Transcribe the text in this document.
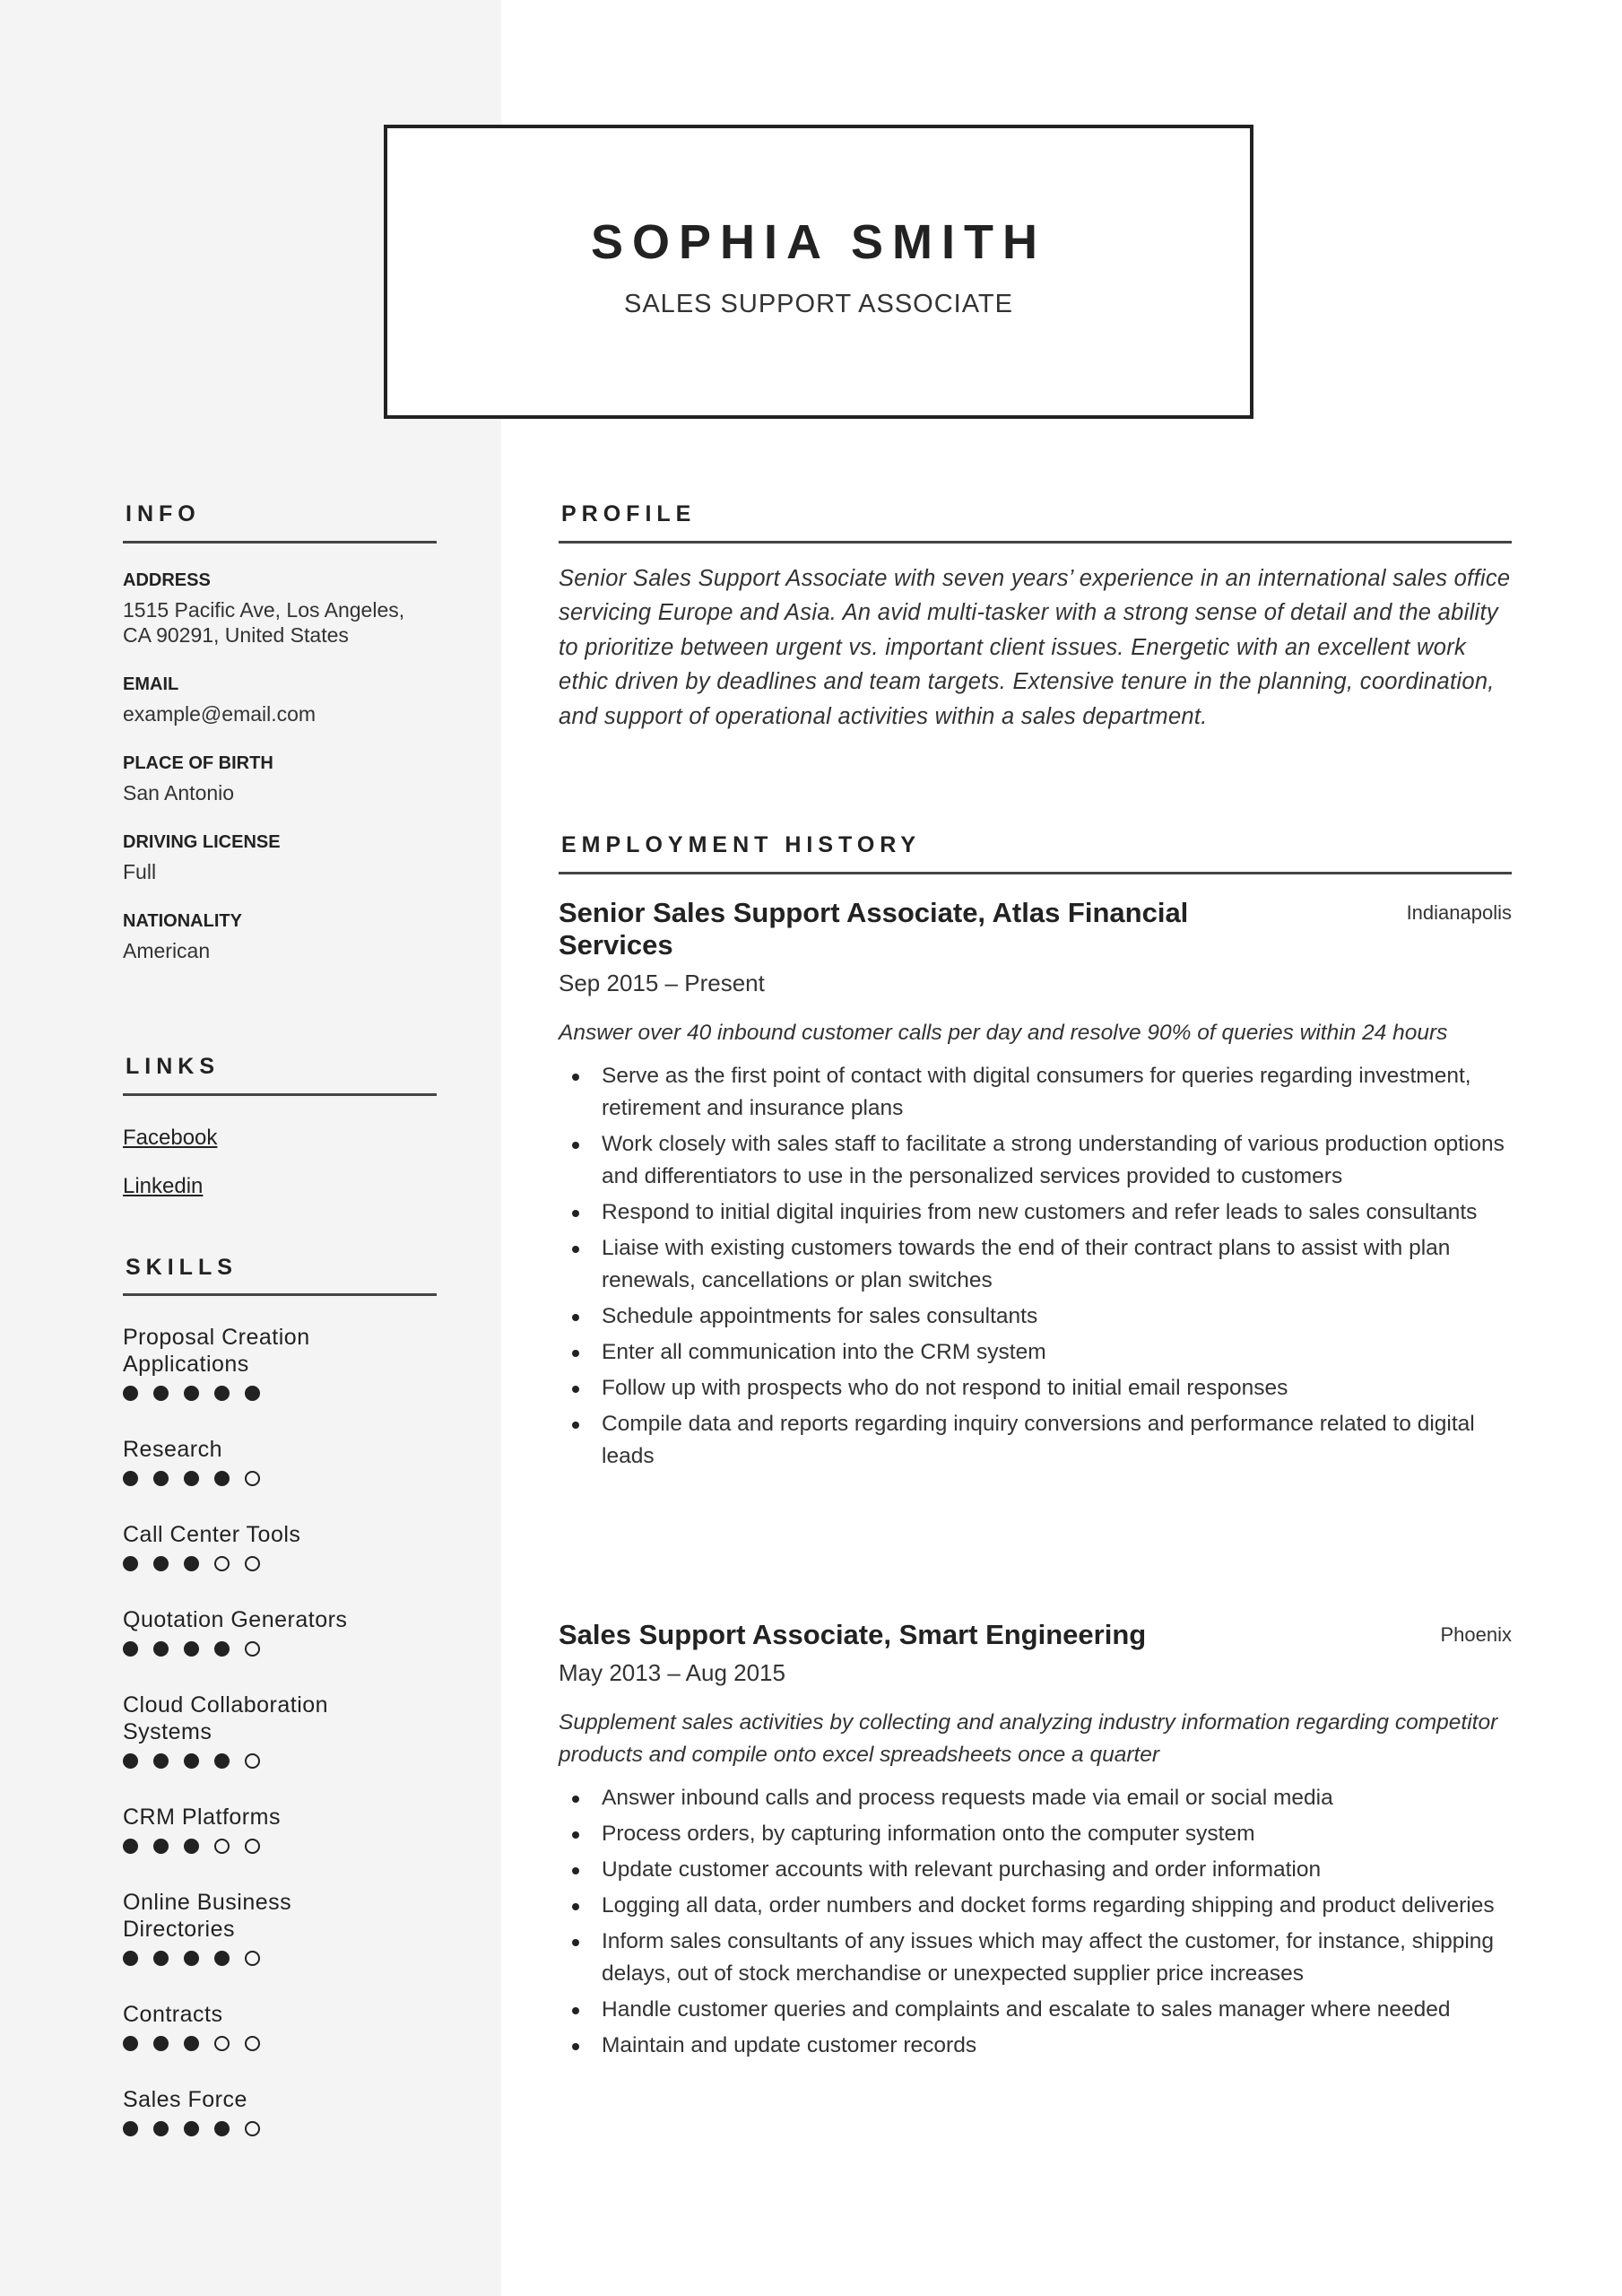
SOPHIA SMITH
SALES SUPPORT ASSOCIATE
INFO
ADDRESS
1515 Pacific Ave, Los Angeles, CA 90291, United States
EMAIL
example@email.com
PLACE OF BIRTH
San Antonio
DRIVING LICENSE
Full
NATIONALITY
American
LINKS
Facebook
Linkedin
SKILLS
Proposal Creation Applications
Research
Call Center Tools
Quotation Generators
Cloud Collaboration Systems
CRM Platforms
Online Business Directories
Contracts
Sales Force
PROFILE
Senior Sales Support Associate with seven years’ experience in an international sales office servicing Europe and Asia. An avid multi-tasker with a strong sense of detail and the ability to prioritize between urgent vs. important client issues. Energetic with an excellent work ethic driven by deadlines and team targets. Extensive tenure in the planning, coordination, and support of operational activities within a sales department.
EMPLOYMENT HISTORY
Senior Sales Support Associate, Atlas Financial Services
Indianapolis
Sep 2015 – Present
Answer over 40 inbound customer calls per day and resolve 90% of queries within 24 hours
Serve as the first point of contact with digital consumers for queries regarding investment, retirement and insurance plans
Work closely with sales staff to facilitate a strong understanding of various production options and differentiators to use in the personalized services provided to customers
Respond to initial digital inquiries from new customers and refer leads to sales consultants
Liaise with existing customers towards the end of their contract plans to assist with plan renewals, cancellations or plan switches
Schedule appointments for sales consultants
Enter all communication into the CRM system
Follow up with prospects who do not respond to initial email responses
Compile data and reports regarding inquiry conversions and performance related to digital leads
Sales Support Associate, Smart Engineering	Phoenix
May 2013 – Aug 2015
Supplement sales activities by collecting and analyzing industry information regarding competitor products and compile onto excel spreadsheets once a quarter
Answer inbound calls and process requests made via email or social media
Process orders, by capturing information onto the computer system
Update customer accounts with relevant purchasing and order information
Logging all data, order numbers and docket forms regarding shipping and product deliveries
Inform sales consultants of any issues which may affect the customer, for instance, shipping delays, out of stock merchandise or unexpected supplier price increases
Handle customer queries and complaints and escalate to sales manager where needed
Maintain and update customer records
